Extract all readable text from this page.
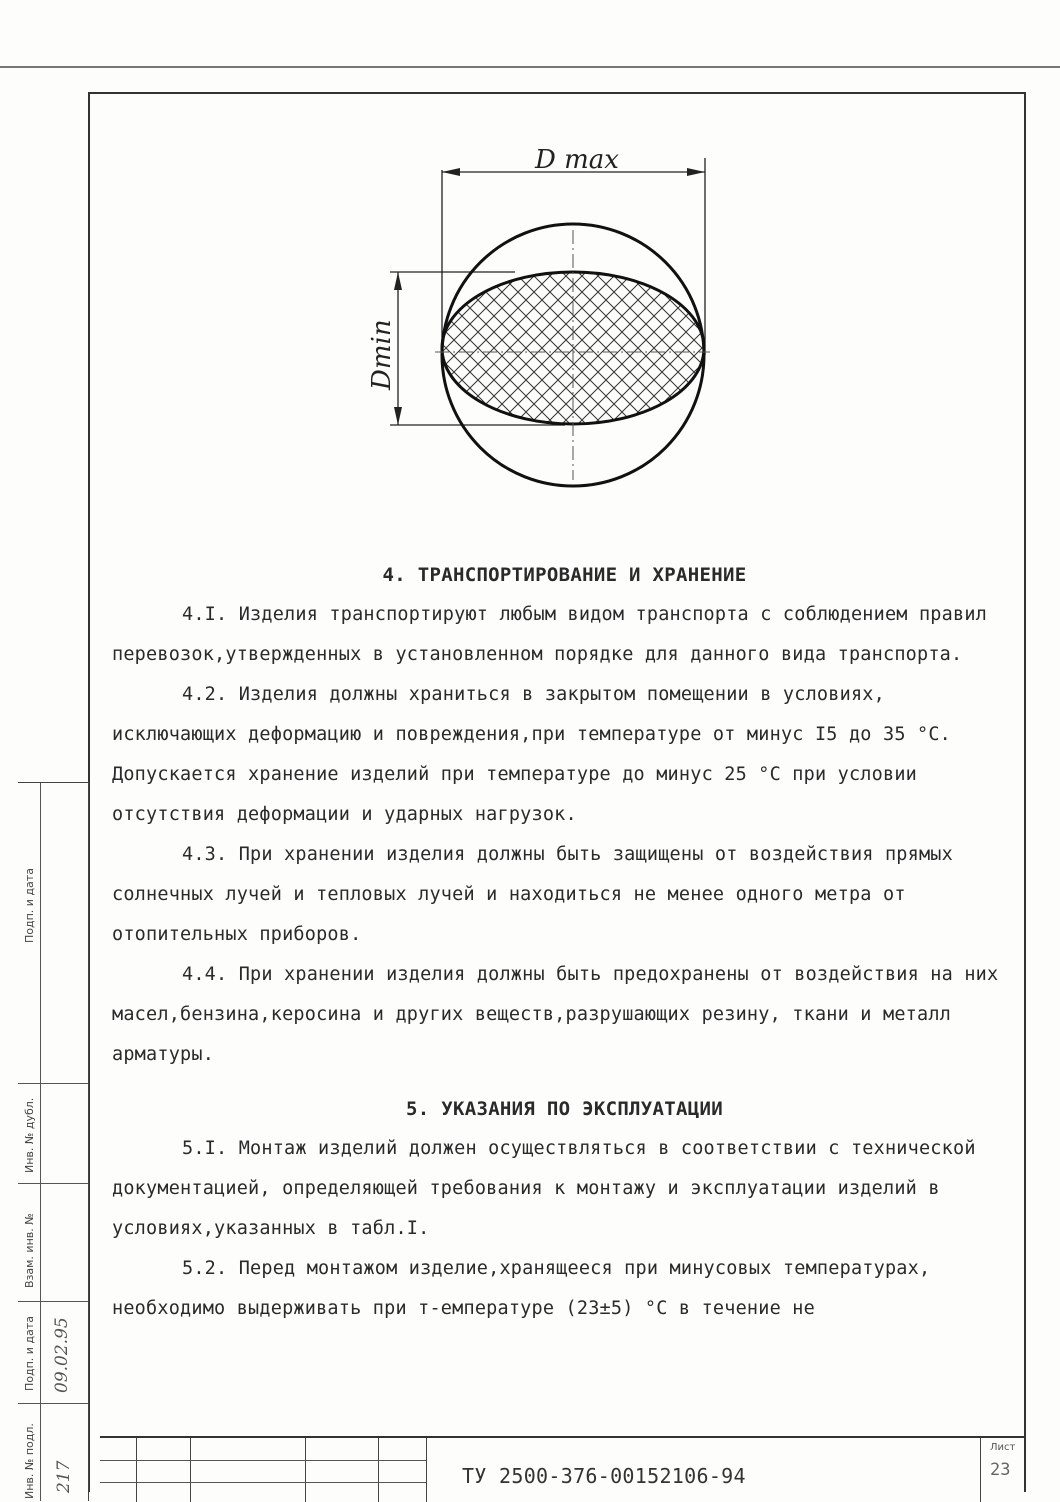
D max
Dmin
4. ТРАНСПОРТИРОВАНИЕ И ХРАНЕНИЕ

4.I. Изделия транспортируют любым видом транспорта с соблюдением правил перевозок,утвержденных в установленном порядке для данного вида транспорта.

4.2. Изделия должны храниться в закрытом помещении в условиях, исключающих деформацию и повреждения,при температуре от минус I5 до 35 °С. Допускается хранение изделий при температуре до минус 25 °С при условии отсутствия деформации и ударных нагрузок.

4.3. При хранении изделия должны быть защищены от воздействия прямых солнечных лучей и тепловых лучей и находиться не менее одного метра от отопительных приборов.

4.4. При хранении изделия должны быть предохранены от воздействия на них масел,бензина,керосина и других веществ,разрушающих резину, ткани и металл арматуры.

5. УКАЗАНИЯ ПО ЭКСПЛУАТАЦИИ

5.I. Монтаж изделий должен осуществляться в соответствии с технической документацией, определяющей требования к монтажу и эксплуатации изделий в условиях,указанных в табл.I.

5.2. Перед монтажом изделие,хранящееся при минусовых температурах, необходимо выдерживать при т-емпературе (23±5) °С в течение не

Подп. и дата
Инв. № дубл.
Взам. инв. №
Подп. и дата
Инв. № подл.
09.02.95
217	ТУ 2500-376-00152106-94
Лист
23
